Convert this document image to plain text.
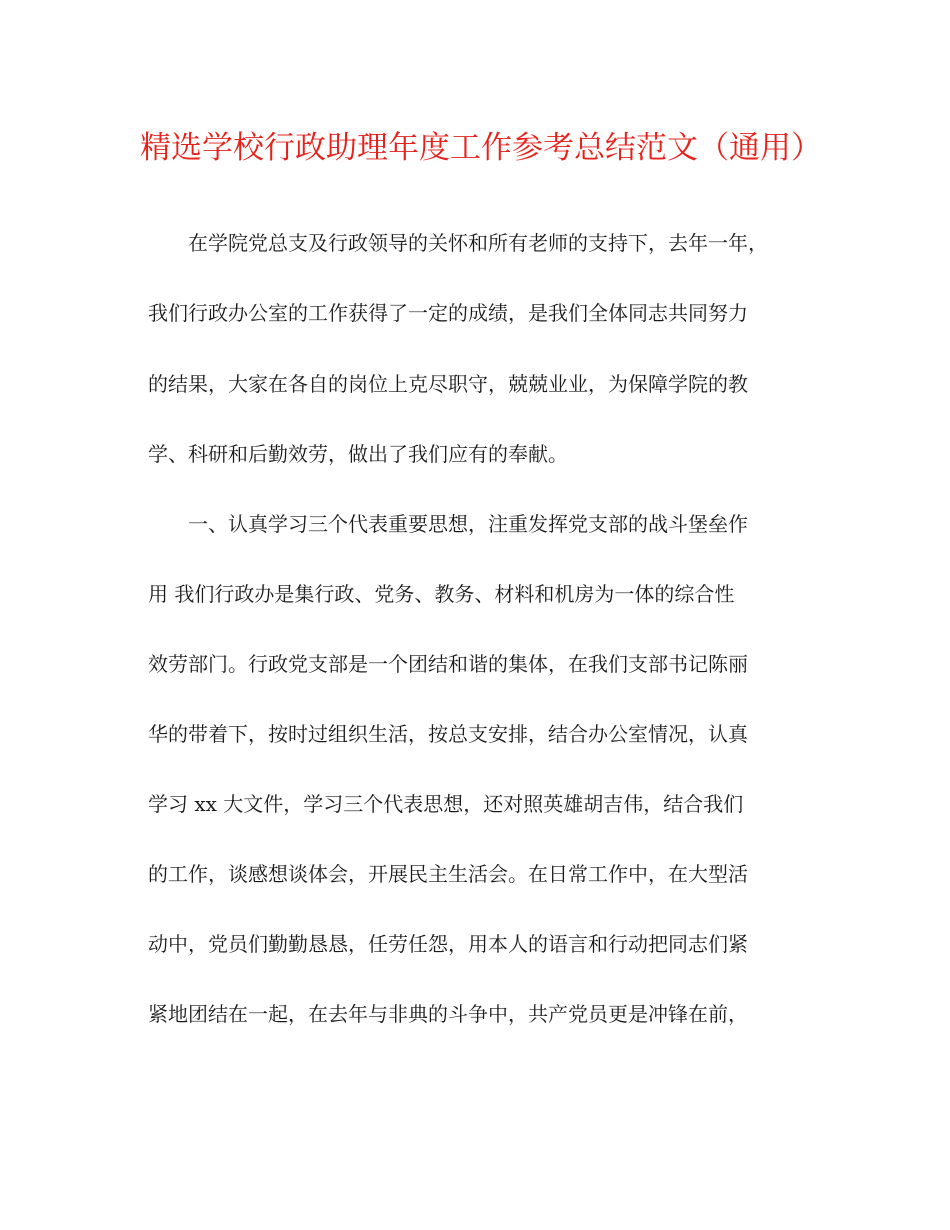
精选学校行政助理年度工作参考总结范文（通用）
在学院党总支及行政领导的关怀和所有老师的支持下，去年一年，
我们行政办公室的工作获得了一定的成绩，是我们全体同志共同努力
的结果，大家在各自的岗位上克尽职守，兢兢业业，为保障学院的教
学、科研和后勤效劳，做出了我们应有的奉献。
一、认真学习三个代表重要思想，注重发挥党支部的战斗堡垒作
用 我们行政办是集行政、党务、教务、材料和机房为一体的综合性
效劳部门。行政党支部是一个团结和谐的集体，在我们支部书记陈丽
华的带着下，按时过组织生活，按总支安排，结合办公室情况，认真
学习 xx 大文件，学习三个代表思想，还对照英雄胡吉伟，结合我们
的工作，谈感想谈体会，开展民主生活会。在日常工作中，在大型活
动中，党员们勤勤恳恳，任劳任怨，用本人的语言和行动把同志们紧
紧地团结在一起，在去年与非典的斗争中，共产党员更是冲锋在前，
